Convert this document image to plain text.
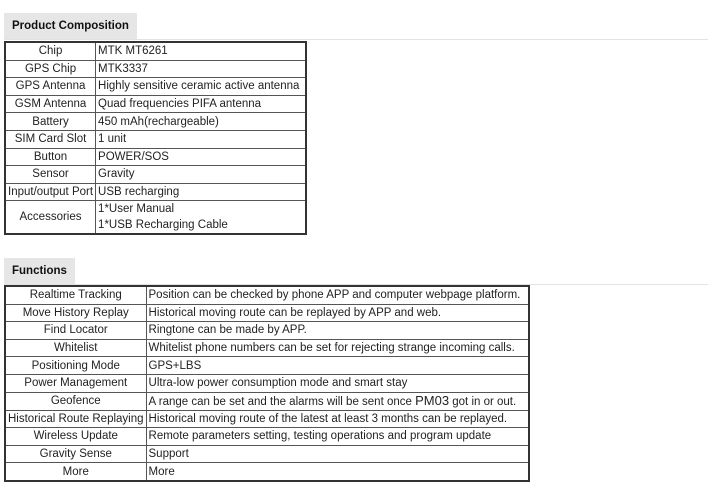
Product Composition
Chip	MTK MT6261
GPS Chip	MTK3337
GPS Antenna	Highly sensitive ceramic active antenna
GSM Antenna	Quad frequencies PIFA antenna
Battery	450 mAh(rechargeable)
SIM Card Slot	1 unit
Button	POWER/SOS
Sensor	Gravity
Input/output Port	USB recharging
Accessories	1*User Manual
1*USB Recharging Cable
Functions
Realtime Tracking	Position can be checked by phone APP and computer webpage platform.
Move History Replay	Historical moving route can be replayed by APP and web.
Find Locator	Ringtone can be made by APP.
Whitelist	Whitelist phone numbers can be set for rejecting strange incoming calls.
Positioning Mode	GPS+LBS
Power Management	Ultra-low power consumption mode and smart stay
Geofence	A range can be set and the alarms will be sent once PM03 got in or out.
Historical Route Replaying	Historical moving route of the latest at least 3 months can be replayed.
Wireless Update	Remote parameters setting, testing operations and program update
Gravity Sense	Support
More	More
